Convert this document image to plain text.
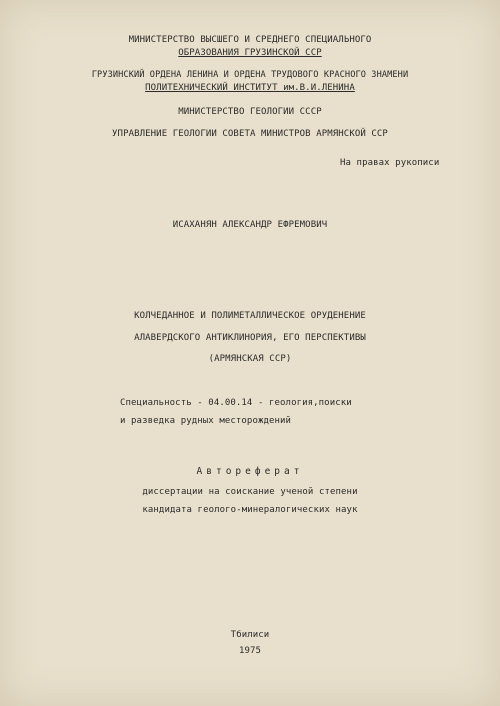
МИНИСТЕРСТВО ВЫСШЕГО И СРЕДНЕГО СПЕЦИАЛЬНОГО
ОБРАЗОВАНИЯ ГРУЗИНСКОЙ ССР
ГРУЗИНСКИЙ ОРДЕНА ЛЕНИНА И ОРДЕНА ТРУДОВОГО КРАСНОГО ЗНАМЕНИ
ПОЛИТЕХНИЧЕСКИЙ ИНСТИТУТ им.В.И.ЛЕНИНА
МИНИСТЕРСТВО ГЕОЛОГИИ СССР
УПРАВЛЕНИЕ ГЕОЛОГИИ СОВЕТА МИНИСТРОВ АРМЯНСКОЙ ССР
На правах рукописи
ИСАХАНЯН АЛЕКСАНДР ЕФРЕМОВИЧ
КОЛЧЕДАННОЕ И ПОЛИМЕТАЛЛИЧЕСКОЕ ОРУДЕНЕНИЕ
АЛАВЕРДСКОГО АНТИКЛИНОРИЯ, ЕГО ПЕРСПЕКТИВЫ
(АРМЯНСКАЯ ССР)
Специальность - 04.00.14 - геология,поиски
и разведка рудных месторождений
Автореферат
диссертации на соискание ученой степени
кандидата геолого-минералогических наук
Тбилиси
1975
